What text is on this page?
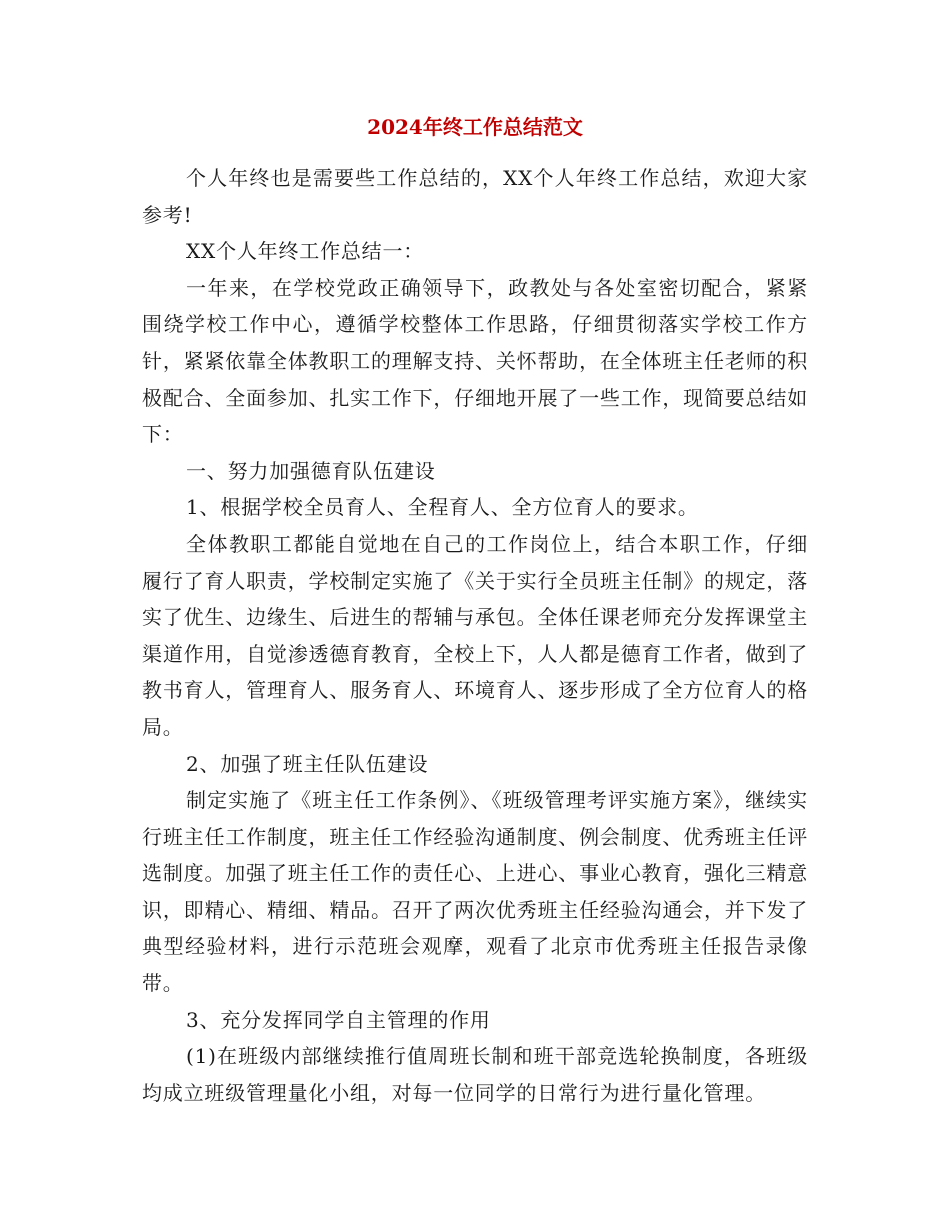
2024年终工作总结范文

个人年终也是需要些工作总结的，XX个人年终工作总结，欢迎大家参考!

XX个人年终工作总结一：

一年来，在学校党政正确领导下，政教处与各处室密切配合，紧紧围绕学校工作中心，遵循学校整体工作思路，仔细贯彻落实学校工作方针，紧紧依靠全体教职工的理解支持、关怀帮助，在全体班主任老师的积极配合、全面参加、扎实工作下，仔细地开展了一些工作，现简要总结如下：

一、努力加强德育队伍建设

1、根据学校全员育人、全程育人、全方位育人的要求。

全体教职工都能自觉地在自己的工作岗位上，结合本职工作，仔细履行了育人职责，学校制定实施了《关于实行全员班主任制》的规定，落实了优生、边缘生、后进生的帮辅与承包。全体任课老师充分发挥课堂主渠道作用，自觉渗透德育教育，全校上下，人人都是德育工作者，做到了教书育人，管理育人、服务育人、环境育人、逐步形成了全方位育人的格局。

2、加强了班主任队伍建设

制定实施了《班主任工作条例》、《班级管理考评实施方案》，继续实行班主任工作制度，班主任工作经验沟通制度、例会制度、优秀班主任评选制度。加强了班主任工作的责任心、上进心、事业心教育，强化三精意识，即精心、精细、精品。召开了两次优秀班主任经验沟通会，并下发了典型经验材料，进行示范班会观摩，观看了北京市优秀班主任报告录像带。

3、充分发挥同学自主管理的作用

(1)在班级内部继续推行值周班长制和班干部竞选轮换制度，各班级均成立班级管理量化小组，对每一位同学的日常行为进行量化管理。
